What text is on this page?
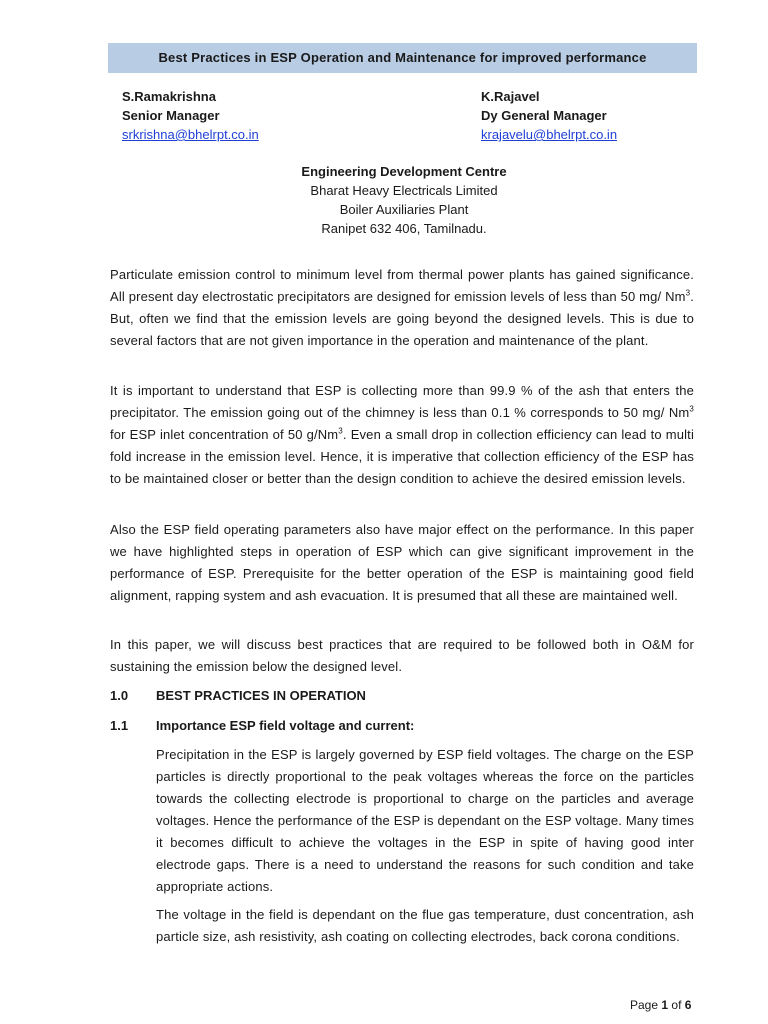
Best Practices in ESP Operation and Maintenance for improved performance
S.Ramakrishna
Senior Manager
srkrishna@bhelrpt.co.in
K.Rajavel
Dy General Manager
krajavelu@bhelrpt.co.in
Engineering Development Centre
Bharat Heavy Electricals Limited
Boiler Auxiliaries Plant
Ranipet 632 406, Tamilnadu.
Particulate emission control to minimum level from thermal power plants has gained significance. All present day electrostatic precipitators are designed for emission levels of less than 50 mg/ Nm$^3$. But, often we find that the emission levels are going beyond the designed levels. This is due to several factors that are not given importance in the operation and maintenance of the plant.
It is important to understand that ESP is collecting more than 99.9 % of the ash that enters the precipitator. The emission going out of the chimney is less than 0.1 % corresponds to 50 mg/ Nm$^3$ for ESP inlet concentration of 50 g/Nm$^3$. Even a small drop in collection efficiency can lead to multi fold increase in the emission level. Hence, it is imperative that collection efficiency of the ESP has to be maintained closer or better than the design condition to achieve the desired emission levels.
Also the ESP field operating parameters also have major effect on the performance. In this paper we have highlighted steps in operation of ESP which can give significant improvement in the performance of ESP. Prerequisite for the better operation of the ESP is maintaining good field alignment, rapping system and ash evacuation. It is presumed that all these are maintained well.
In this paper, we will discuss best practices that are required to be followed both in O&M for sustaining the emission below the designed level.
1.0 BEST PRACTICES IN OPERATION
1.1 Importance ESP field voltage and current:
Precipitation in the ESP is largely governed by ESP field voltages. The charge on the ESP particles is directly proportional to the peak voltages whereas the force on the particles towards the collecting electrode is proportional to charge on the particles and average voltages. Hence the performance of the ESP is dependant on the ESP voltage. Many times it becomes difficult to achieve the voltages in the ESP in spite of having good inter electrode gaps. There is a need to understand the reasons for such condition and take appropriate actions.
The voltage in the field is dependant on the flue gas temperature, dust concentration, ash particle size, ash resistivity, ash coating on collecting electrodes, back corona conditions.
Page 1 of 6
